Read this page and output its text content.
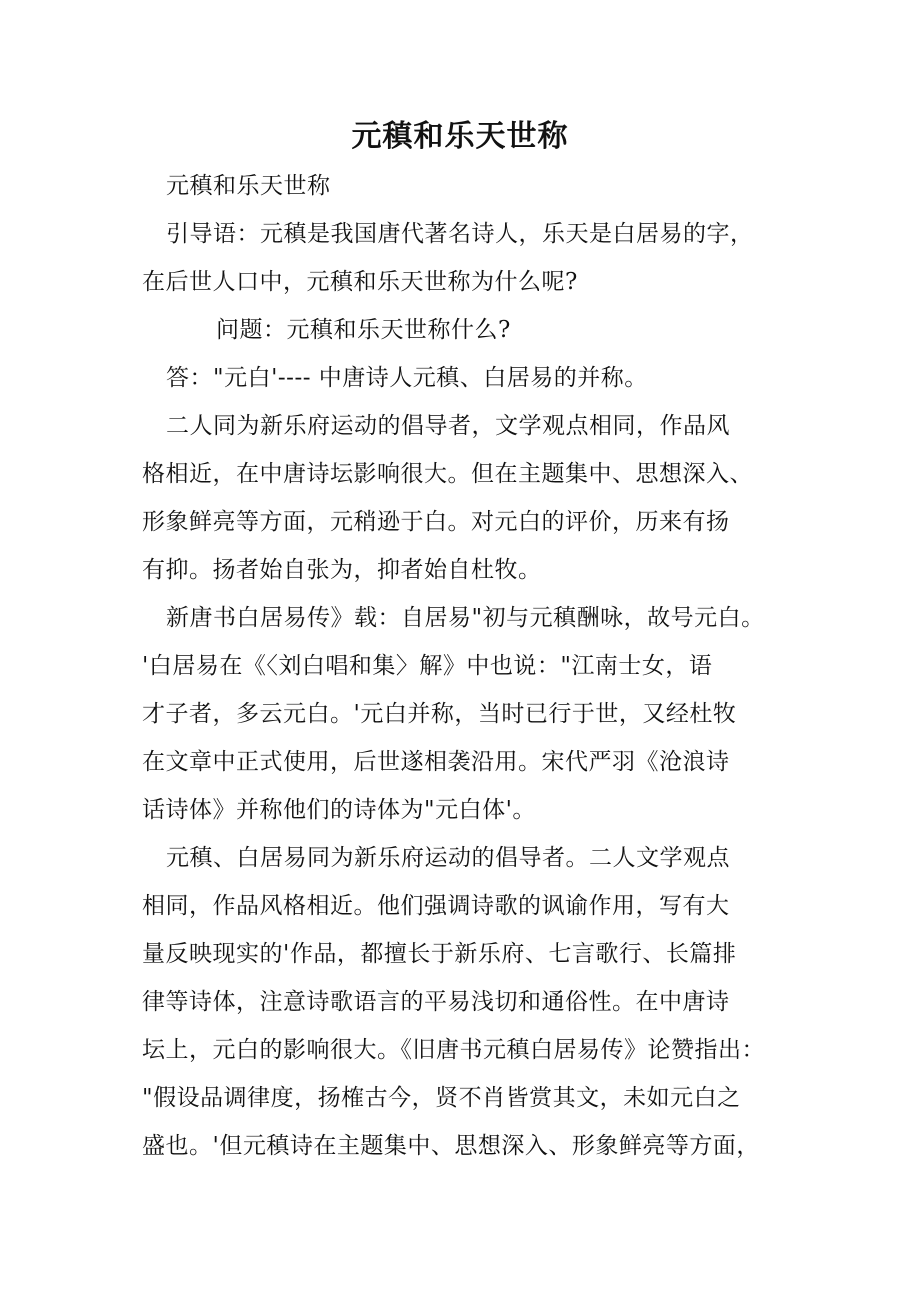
元稹和乐天世称
元稹和乐天世称
引导语：元稹是我国唐代著名诗人，乐天是白居易的字，
在后世人口中，元稹和乐天世称为什么呢?
问题：元稹和乐天世称什么?
答："元白'---- 中唐诗人元稹、白居易的并称。
二人同为新乐府运动的倡导者，文学观点相同，作品风
格相近，在中唐诗坛影响很大。但在主题集中、思想深入、
形象鲜亮等方面，元稍逊于白。对元白的评价，历来有扬
有抑。扬者始自张为，抑者始自杜牧。
新唐书白居易传》载：自居易"初与元稹酬咏，故号元白。
'白居易在《〈刘白唱和集〉解》中也说："江南士女，语
才子者，多云元白。'元白并称，当时已行于世，又经杜牧
在文章中正式使用，后世遂相袭沿用。宋代严羽《沧浪诗
话诗体》并称他们的诗体为"元白体'。
元稹、白居易同为新乐府运动的倡导者。二人文学观点
相同，作品风格相近。他们强调诗歌的讽谕作用，写有大
量反映现实的'作品，都擅长于新乐府、七言歌行、长篇排
律等诗体，注意诗歌语言的平易浅切和通俗性。在中唐诗
坛上，元白的影响很大。《旧唐书元稹白居易传》论赞指出：
"假设品调律度，扬榷古今，贤不肖皆赏其文，未如元白之
盛也。'但元稹诗在主题集中、思想深入、形象鲜亮等方面，
